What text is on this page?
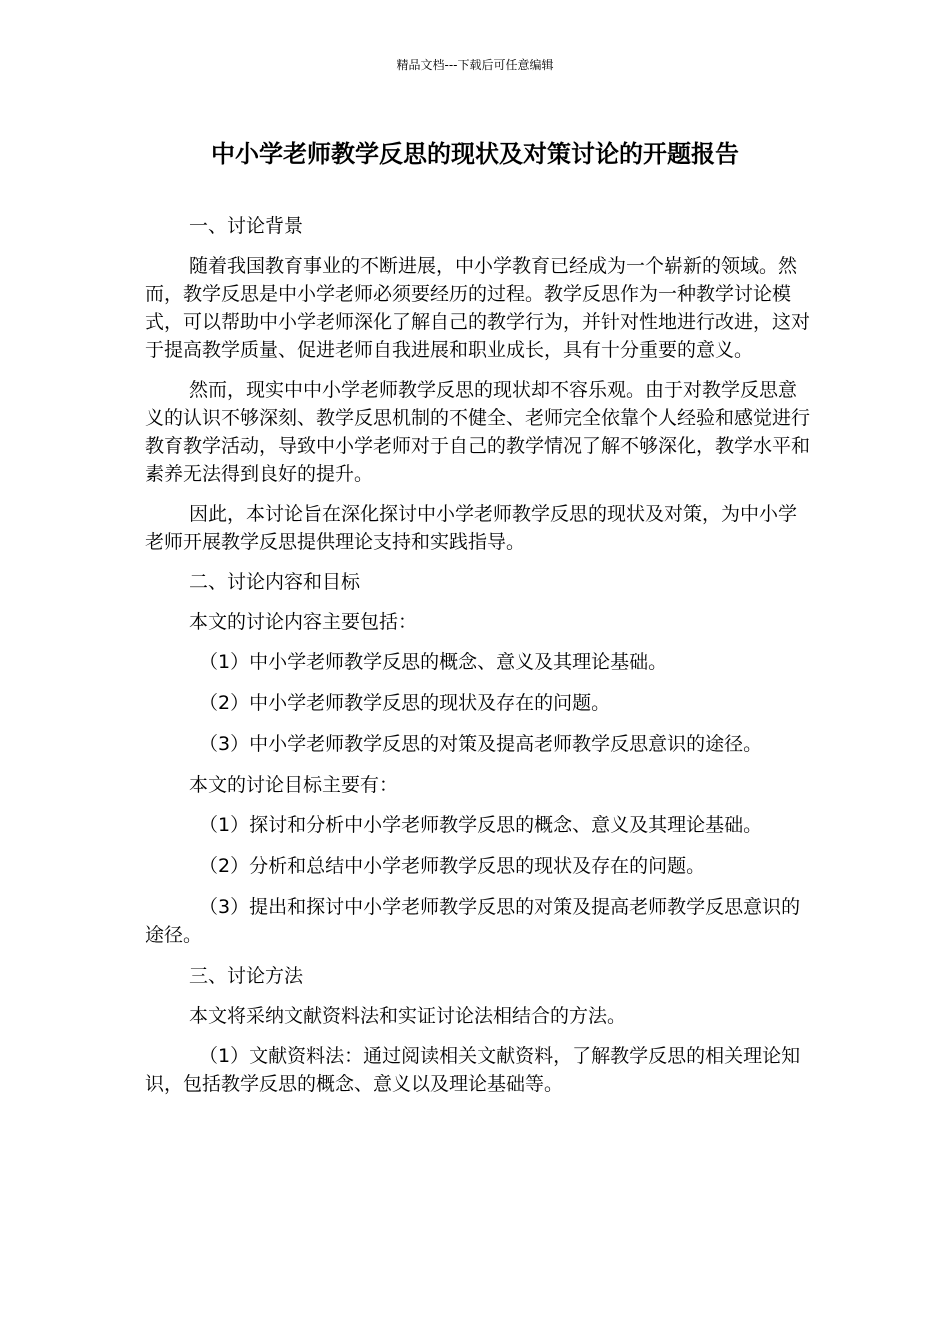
精品文档---下载后可任意编辑
中小学老师教学反思的现状及对策讨论的开题报告

一、讨论背景

随着我国教育事业的不断进展，中小学教育已经成为一个崭新的领域。然而，教学反思是中小学老师必须要经历的过程。教学反思作为一种教学讨论模式，可以帮助中小学老师深化了解自己的教学行为，并针对性地进行改进，这对于提高教学质量、促进老师自我进展和职业成长，具有十分重要的意义。

然而，现实中中小学老师教学反思的现状却不容乐观。由于对教学反思意义的认识不够深刻、教学反思机制的不健全、老师完全依靠个人经验和感觉进行教育教学活动，导致中小学老师对于自己的教学情况了解不够深化，教学水平和素养无法得到良好的提升。

因此，本讨论旨在深化探讨中小学老师教学反思的现状及对策，为中小学老师开展教学反思提供理论支持和实践指导。

二、讨论内容和目标

本文的讨论内容主要包括：

（1）中小学老师教学反思的概念、意义及其理论基础。

（2）中小学老师教学反思的现状及存在的问题。

（3）中小学老师教学反思的对策及提高老师教学反思意识的途径。

本文的讨论目标主要有：

（1）探讨和分析中小学老师教学反思的概念、意义及其理论基础。

（2）分析和总结中小学老师教学反思的现状及存在的问题。

（3）提出和探讨中小学老师教学反思的对策及提高老师教学反思意识的途径。

三、讨论方法

本文将采纳文献资料法和实证讨论法相结合的方法。

（1）文献资料法：通过阅读相关文献资料，了解教学反思的相关理论知识，包括教学反思的概念、意义以及理论基础等。
